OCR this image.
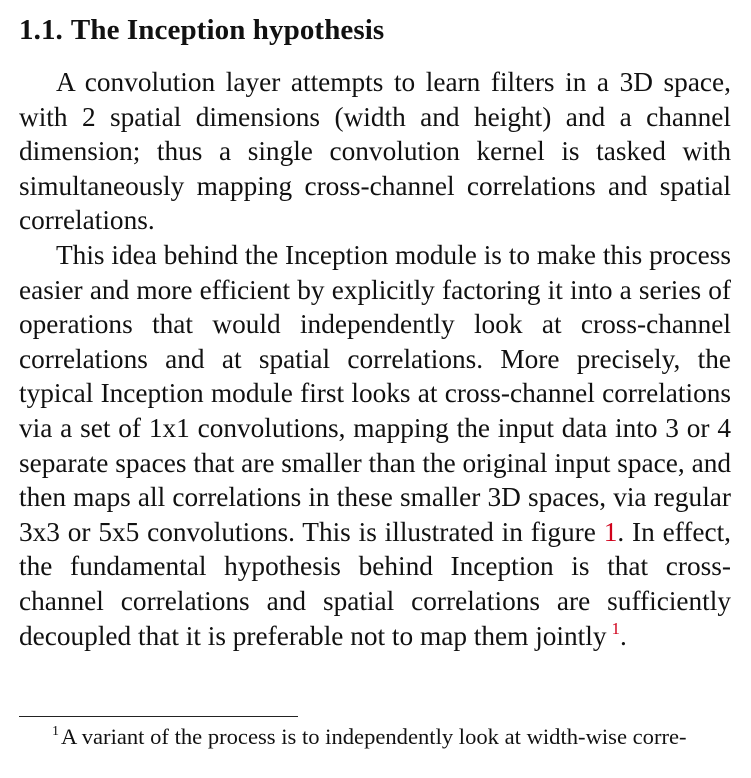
1.1. The Inception hypothesis

A convolution layer attempts to learn filters in a 3D space, with 2 spatial dimensions (width and height) and a channel dimension; thus a single convolution kernel is tasked with simultaneously mapping cross-channel correlations and spatial correlations.

This idea behind the Inception module is to make this process easier and more efficient by explicitly factoring it into a series of operations that would independently look at cross-channel correlations and at spatial correlations. More precisely, the typical Inception module first looks at cross-channel correlations via a set of 1x1 convolutions, mapping the input data into 3 or 4 separate spaces that are smaller than the original input space, and then maps all correlations in these smaller 3D spaces, via regular 3x3 or 5x5 convolutions. This is illustrated in figure 1. In effect, the fundamental hypothesis behind Inception is that cross-channel correlations and spatial correlations are sufficiently decoupled that it is preferable not to map them jointly $^1$.

$^1$A variant of the process is to independently look at width-wise corre-
